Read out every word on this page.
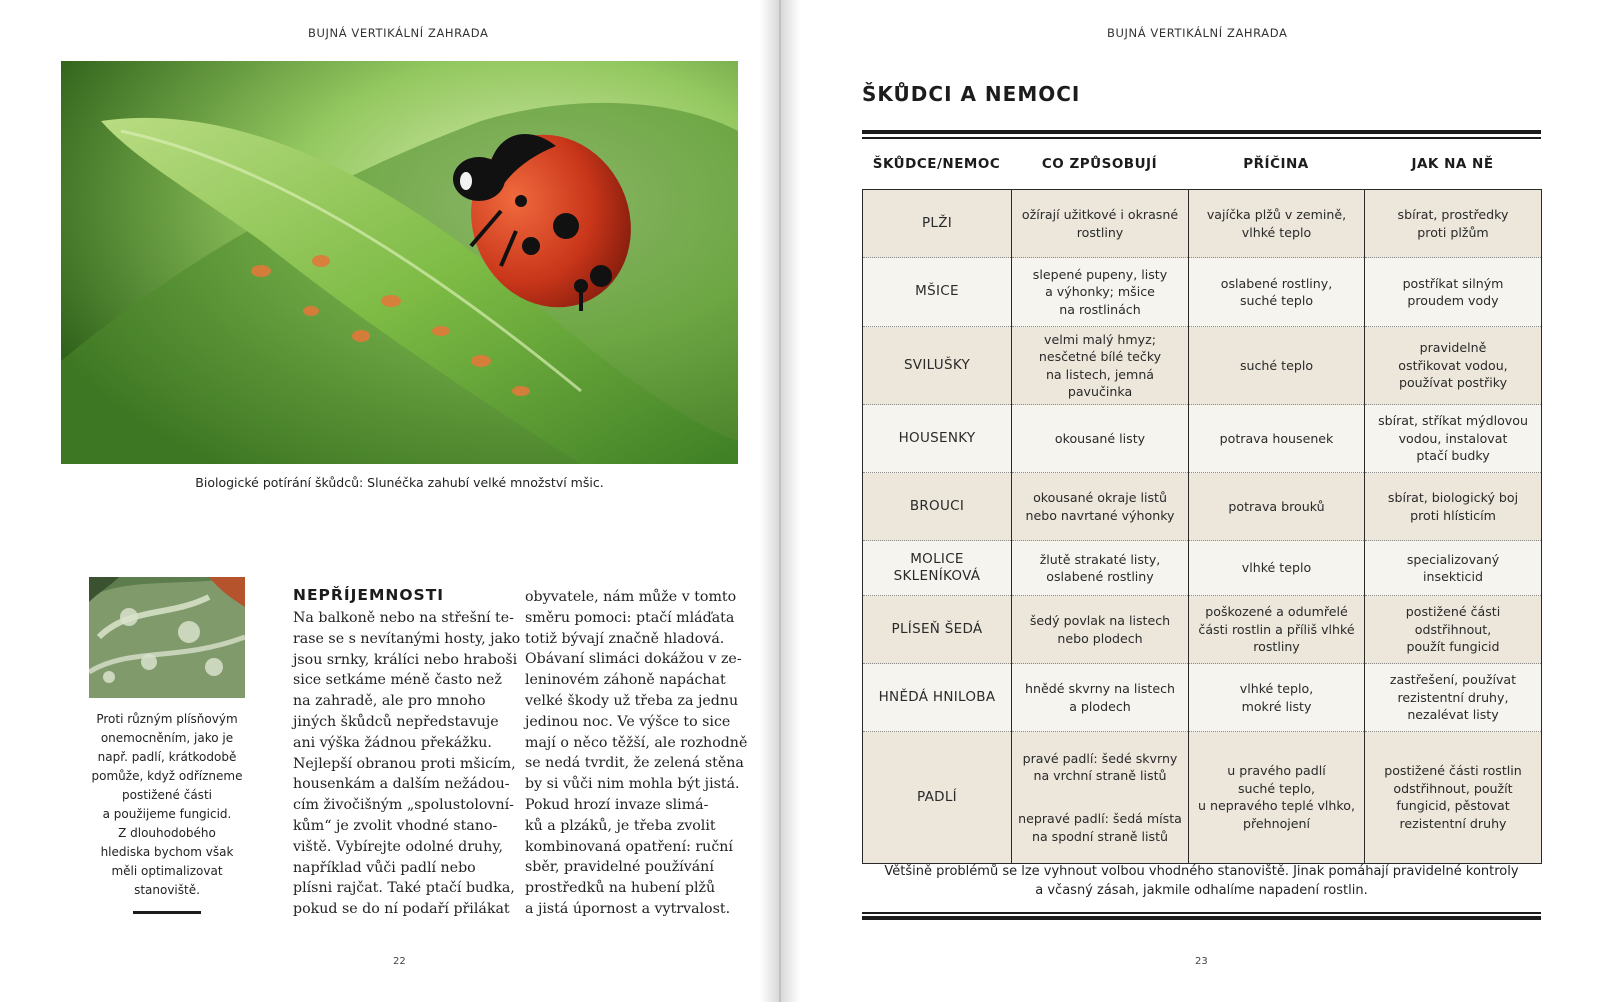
BUJNÁ VERTIKÁLNÍ ZAHRADA
Biologické potírání škůdců: Slunéčka zahubí velké množství mšic.
Proti různým plísňovým
onemocněním, jako je
např. padlí, krátkodobě
pomůže, když odřízneme
postižené části
a použijeme fungicid.
Z dlouhodobého
hlediska bychom však
měli optimalizovat
stanoviště.
NEPŘÍJEMNOSTI
Na balkoně nebo na střešní te-
rase se s nevítanými hosty, jako
jsou srnky, králíci nebo hraboši
sice setkáme méně často než
na zahradě, ale pro mnoho
jiných škůdců nepředstavuje
ani výška žádnou překážku.
Nejlepší obranou proti mšicím,
housenkám a dalším nežádou-
cím živočišným „spolustolovní-
kům“ je zvolit vhodné stano-
viště. Vybírejte odolné druhy,
například vůči padlí nebo
plísni rajčat. Také ptačí budka,
pokud se do ní podaří přilákat
obyvatele, nám může v tomto
směru pomoci: ptačí mláďata
totiž bývají značně hladová.
Obávaní slimáci dokážou v ze-
leninovém záhoně napáchat
velké škody už třeba za jednu
jedinou noc. Ve výšce to sice
mají o něco těžší, ale rozhodně
se nedá tvrdit, že zelená stěna
by si vůči nim mohla být jistá.
Pokud hrozí invaze slimá-
ků a plzáků, je třeba zvolit
kombinovaná opatření: ruční
sběr, pravidelné používání
prostředků na hubení plžů
a jistá úpornost a vytrvalost.
22
BUJNÁ VERTIKÁLNÍ ZAHRADA
ŠKŮDCI A NEMOCI
ŠKŮDCE/NEMOC	CO ZPŮSOBUJÍ	PŘÍČINA	JAK NA NĚ
PLŽI	ožírají užitkové i okrasné
rostliny	vajíčka plžů v zemině,
vlhké teplo	sbírat, prostředky
proti plžům
MŠICE	slepené pupeny, listy
a výhonky; mšice
na rostlinách	oslabené rostliny,
suché teplo	postříkat silným
proudem vody
SVILUŠKY	velmi malý hmyz;
nesčetné bílé tečky
na listech, jemná
pavučinka	suché teplo	pravidelně
ostřikovat vodou,
používat postřiky
HOUSENKY	okousané listy	potrava housenek	sbírat, stříkat mýdlovou
vodou, instalovat
ptačí budky
BROUCI	okousané okraje listů
nebo navrtané výhonky	potrava brouků	sbírat, biologický boj
proti hlísticím
MOLICE
SKLENÍKOVÁ	žlutě strakaté listy,
oslabené rostliny	vlhké teplo	specializovaný
insekticid
PLÍSEŇ ŠEDÁ	šedý povlak na listech
nebo plodech	poškozené a odumřelé
části rostlin a příliš vlhké
rostliny	postižené části
odstřihnout,
použít fungicid
HNĚDÁ HNILOBA	hnědé skvrny na listech
a plodech	vlhké teplo,
mokré listy	zastřešení, používat
rezistentní druhy,
nezalévat listy
PADLÍ	pravé padlí: šedé skvrny
na vrchní straně listů

nepravé padlí: šedá místa
na spodní straně listů	u pravého padlí
suché teplo,
u nepravého teplé vlhko,
přehnojení	postižené části rostlin
odstřihnout, použít
fungicid, pěstovat
rezistentní druhy
Většině problémů se lze vyhnout volbou vhodného stanoviště. Jinak pomáhají pravidelné kontroly
a včasný zásah, jakmile odhalíme napadení rostlin.
23
